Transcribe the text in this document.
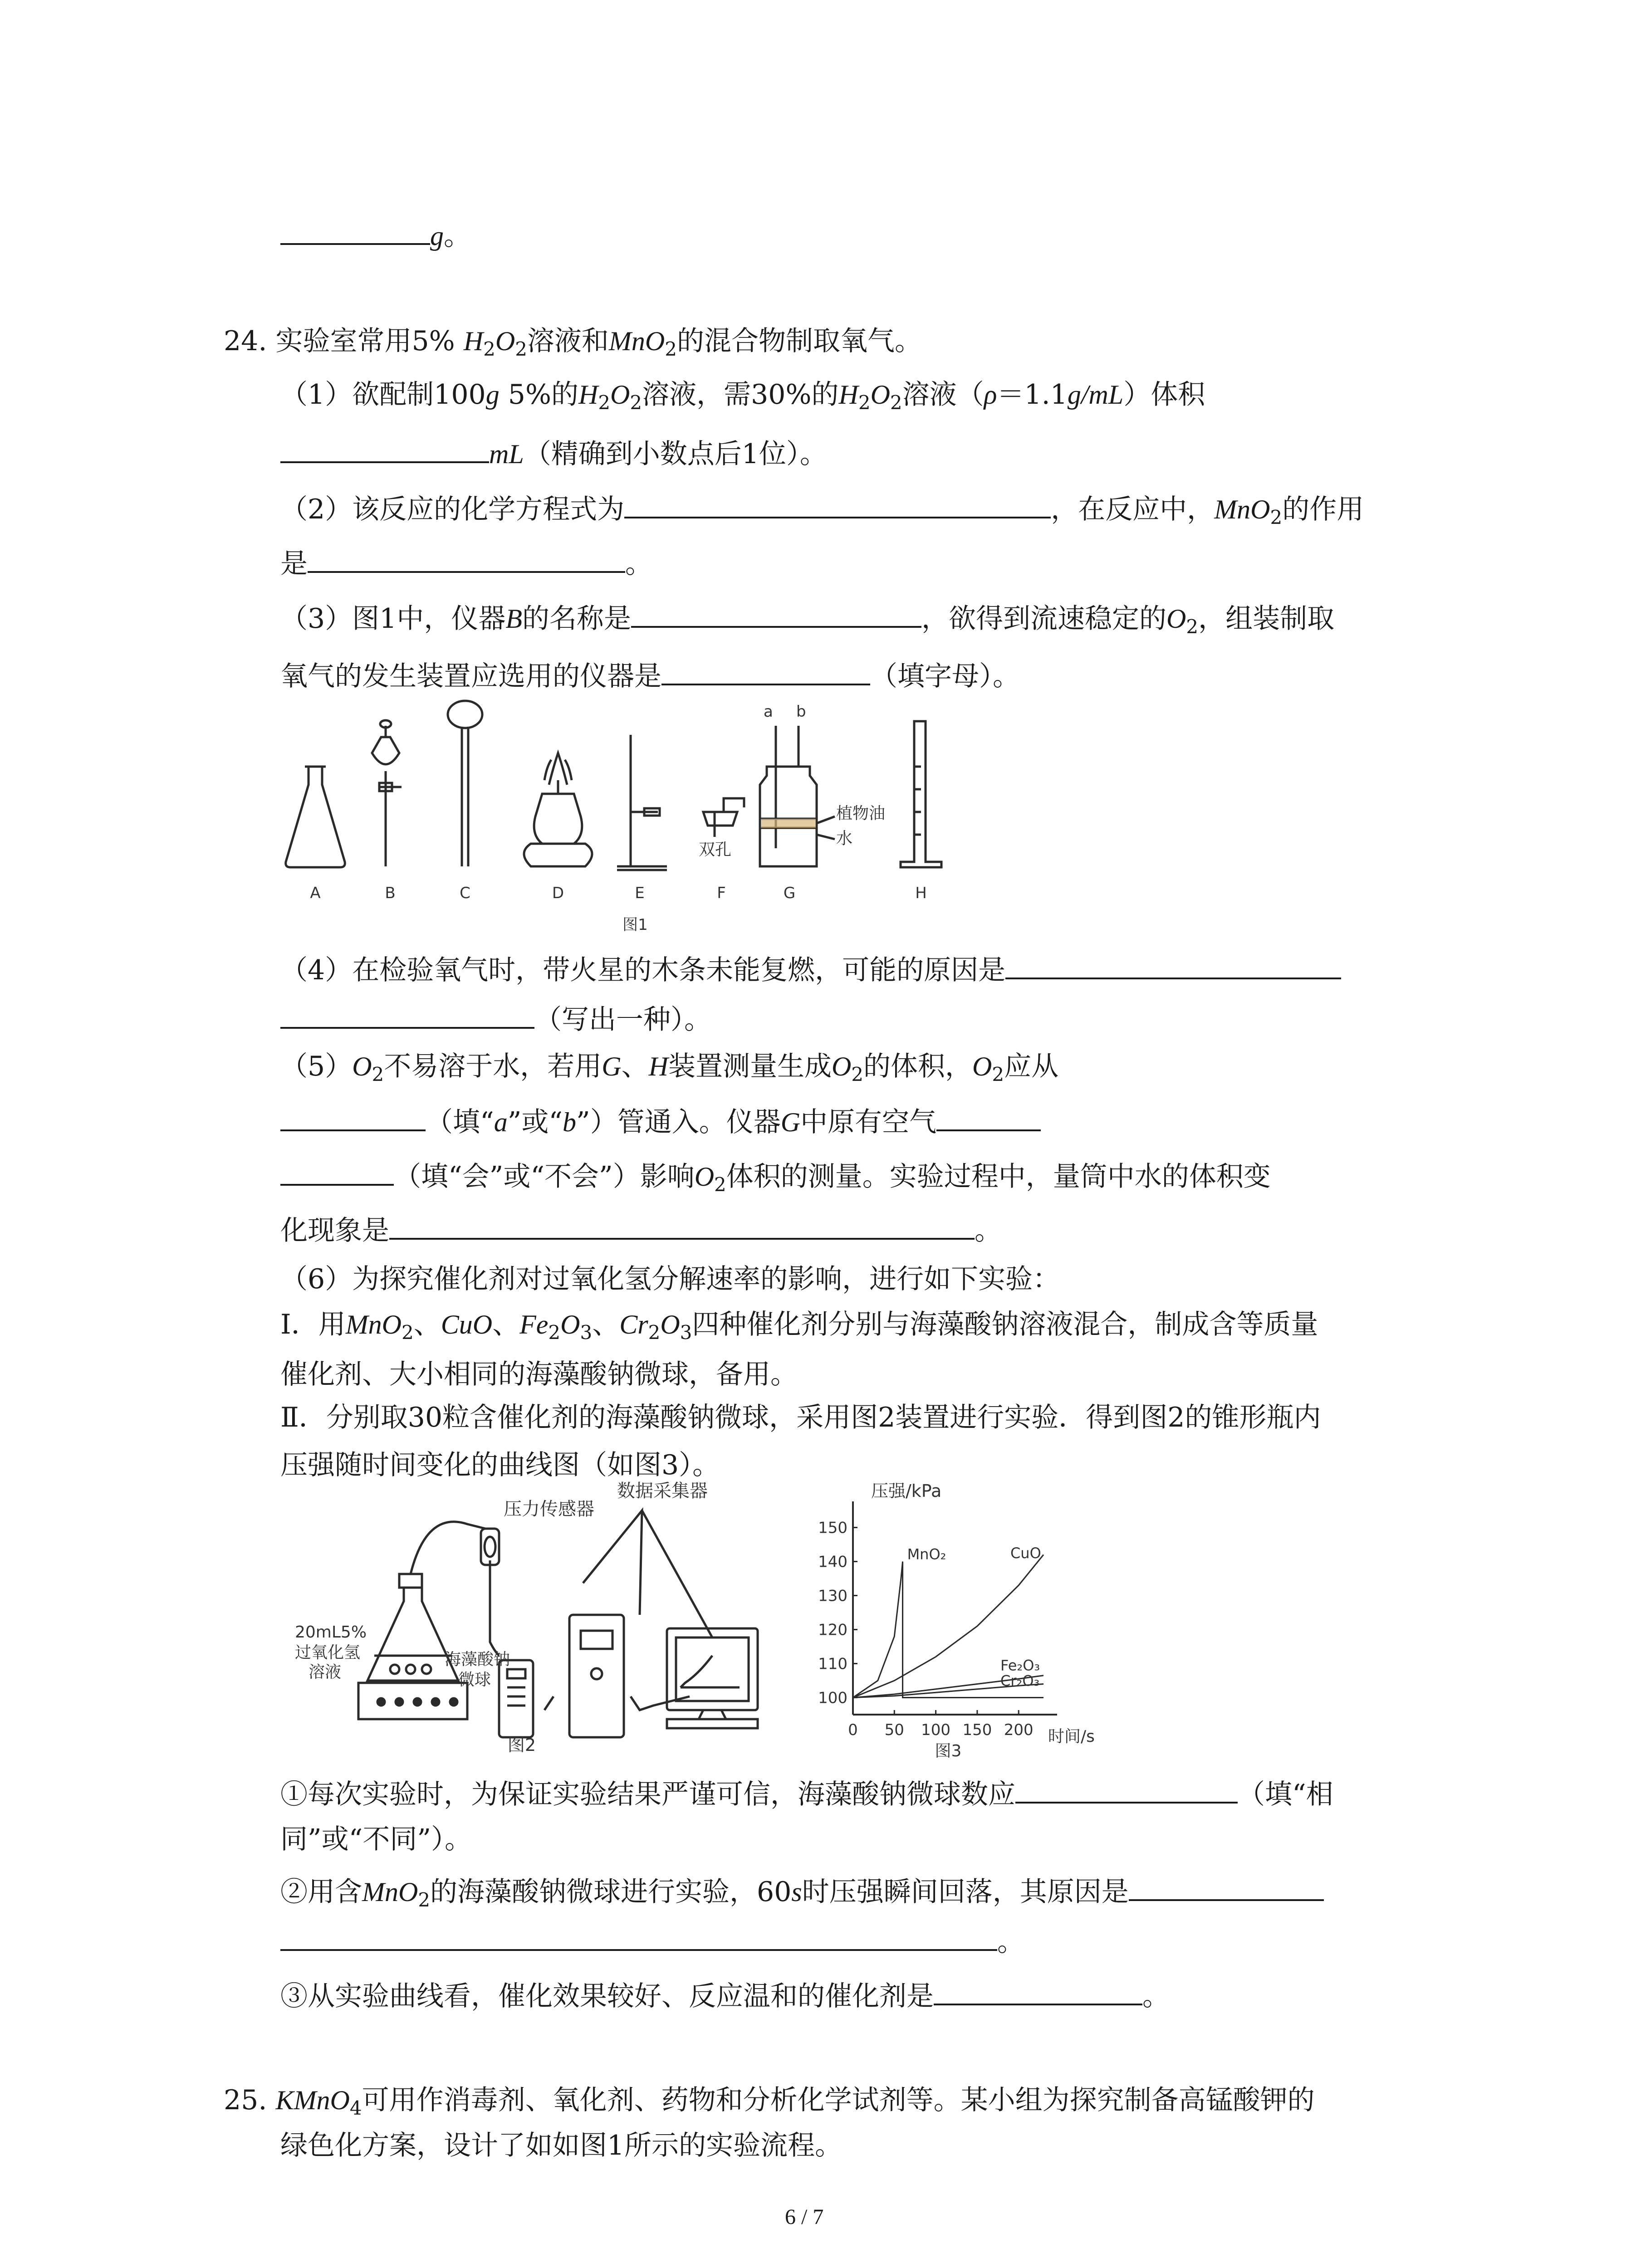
g。
24. 实验室常用5% $H_2O_2$溶液和MnO$_2$的混合物制取氧气。
（1）欲配制100g 5%的$H_2O_2$溶液，需30%的$H_2O_2$溶液（ρ＝1.1g/mL）体积
mL（精确到小数点后1位）。
（2）该反应的化学方程式为	，在反应中，MnO$_2$的作用
是	。
（3）图1中，仪器B的名称是	，欲得到流速稳定的$O_2$，组装制取
氧气的发生装置应选用的仪器是	（填字母）。
a b
植物油
水
双孔
A	B	C	D	E	F	G	H
图1
（4）在检验氧气时，带火星的木条未能复燃，可能的原因是
（写出一种）。
$(5)O_2$不易溶于水，若用G、H装置测量生成$O_2$的体积，$O_2$应从
（填“a”或“b”）管通入。仪器G中原有空气
（填“会”或“不会”）影响$O_2$体积的测量。实验过程中，量筒中水的体积变
化现象是	。
（6）为探究催化剂对过氧化氢分解速率的影响，进行如下实验：
Ⅰ．用MnO$_2$、CuO、$Fe_2O_3$、$Cr_2O_3$四种催化剂分别与海藻酸钠溶液混合，制成含等质量
催化剂、大小相同的海藻酸钠微球，备用。
Ⅱ．分别取30粒含催化剂的海藻酸钠微球，采用图2装置进行实验．得到图2的锥形瓶内
压强随时间变化的曲线图（如图3）。
压力传感器
数据采集器
20mL5%
过氧化氢
溶液
海藻酸钠
微球
图2
压强/kPa
时间/s
图3
0 50 100 150 200
100
110
120
130
140
150
MnO₂	CuO
Fe₂O₃
Cr₂O₃
①每次实验时，为保证实验结果严谨可信，海藻酸钠微球数应	（填“相
同”或“不同”）。
②用含MnO$_2$的海藻酸钠微球进行实验，60s时压强瞬间回落，其原因是
。
③从实验曲线看，催化效果较好、反应温和的催化剂是	。
25. KMnO$_4$可用作消毒剂、氧化剂、药物和分析化学试剂等。某小组为探究制备高锰酸钾的
绿色化方案，设计了如如图1所示的实验流程。
6 / 7
